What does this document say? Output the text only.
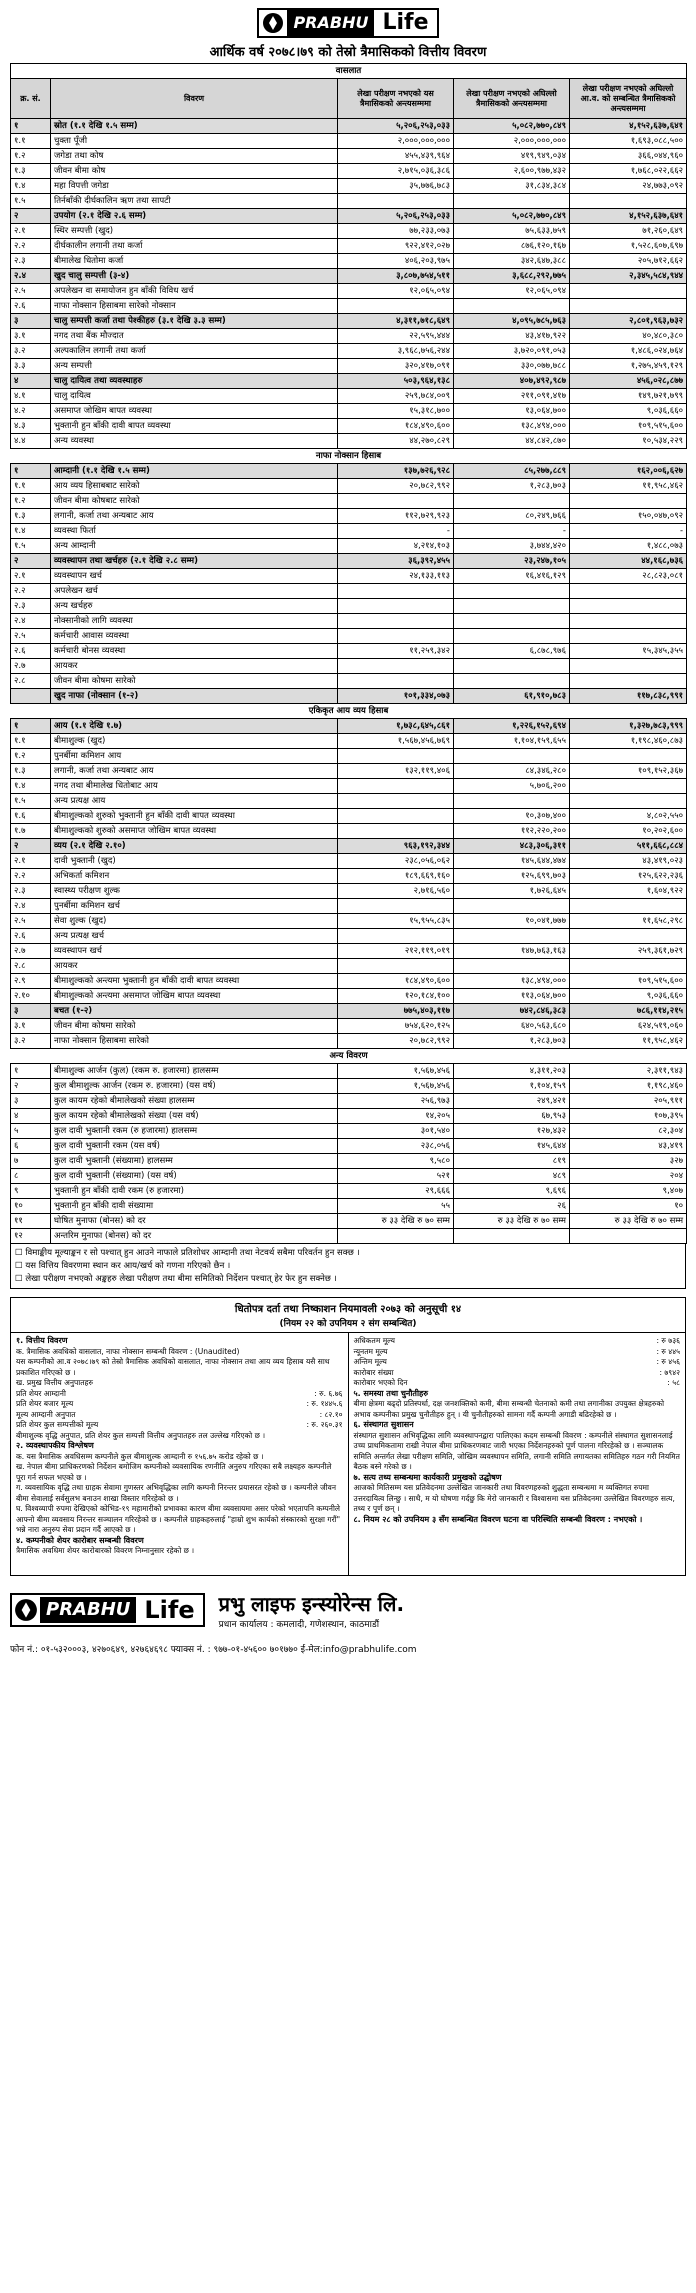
PRABHU Life
आर्थिक वर्ष २०७८।७९ को तेस्रो त्रैमासिकको वित्तीय विवरण
वासलात				
क्र. सं.	विवरण	लेखा परीक्षण नभएको यस त्रैमासिकको अन्त्यसम्ममा	लेखा परीक्षण नभएको अघिल्लो त्रैमासिकको अन्त्यसम्ममा	लेखा परीक्षण नभएको अघिल्लो आ.व. को सम्बन्धित त्रैमासिकको अन्त्यसम्ममा
१	स्रोत (१.१ देखि १.५ सम्म)	५,२०६,२५३,०३३	५,०८२,७७०,८४९	४,१५२,६३७,६४१
१.१	चुक्ता पूँजी	२,०००,०००,०००	२,०००,०००,०००	१,६९३,०८८,५००
१.२	जगेडा तथा कोष	४५५,४३९,९६४	४१९,९४९,०३४	३६६,०४४,९६०
१.३	जीवन बीमा कोष	२,७१५,०३६,३८६	२,६००,९७७,४३२	१,७६८,०२२,६६२
१.४	महा विपत्ती जगेडा	३५,७७६,७८३	३१,८३४,३८४	२४,७७३,०९२
१.५	तिर्नबाँकी दीर्घकालिन ऋण तथा सापटी			
२	उपयोग (२.१ देखि २.६ सम्म)	५,२०६,२५३,०३३	५,०८२,७७०,८४९	४,१५२,६३७,६४१
२.१	स्थिर सम्पत्ती (खुद)	७७,२३३,०७३	७५,६३३,७५९	७१,२६०,६४९
२.२	दीर्घकालीन लगानी तथा कर्जा	९२२,४१२,०२७	८७६,१२०,१६७	१,५२८,६०७,६९७
२.३	बीमालेख धितोमा कर्जा	४०६,२०३,९७५	३४२,६४७,३८८	२०५,७१२,६६२
२.४	खुद चालु सम्पत्ती (३-४)	३,८०७,७५४,५११	३,६८८,२९२,७७५	२,३४५,५८४,९४४
२.५	अपलेखन वा समायोजन हुन बाँकी विविध खर्च	१२,०६५,०९४	१२,०६५,०९४	
२.६	नाफा नोक्सान हिसाबमा सारेको नोक्सान			
३	चालु सम्पत्ती कर्जा तथा पेश्कीहरु (३.१ देखि ३.३ सम्म)	४,३११,७१८,६४९	४,०९५,७८५,७६३	२,८०१,९६३,७३२
३.१	नगद तथा बैंक मौज्दात	२२,५९५,४४४	४३,४१७,९२२	४०,४८०,३८०
३.२	अल्पकालिन लगानी तथा कर्जा	३,९६८,७५६,२४४	३,७२०,०९१,०५३	१,४८६,०२४,७६४
३.३	अन्य सम्पत्ती	३२०,४१७,०९१	३३०,०७७,७८८	१,२७५,४५९,१२९
४	चालु दायित्व तथा व्यवस्थाहरु	५०३,९६४,१३८	४०७,४९२,९८७	४५६,०२८,८७७
४.१	चालु दायित्व	२५९,७८४,००९	२११,०९१,४१७	१४९,७२१,७९९
४.२	असमाप्त जोखिम बापत व्यवस्था	१५,३१८,७००	१३,०६४,७००	९,०३६,६६०
४.३	भुक्तानी हुन बाँकी दावी बापत व्यवस्था	१८४,४९०,६००	१३८,४९४,०००	१०९,५१५,६००
४.४	अन्य व्यवस्था	४४,२७०,८२९	४४,८४२,८७०	१०,५३४,२२९
नाफा नोक्सान हिसाब				
१	आम्दानी (१.१ देखि १.५ सम्म)	१३७,७२६,९२८	८५,२७७,८८९	१६२,००६,६२७
१.१	आय व्यय हिसाबबाट सारेको	२०,७८२,९९२	१,२८३,७०३	११,९५८,४६२
१.२	जीवन बीमा कोषबाट सारेको			
१.३	लगानी, कर्जा तथा अन्यबाट आय	११२,७२९,९२३	८०,२४९,७६६	१५०,०४७,०९२
१.४	व्यवस्था फिर्ता	-	-	-
१.५	अन्य आम्दानी	४,२१४,१०३	३,७४४,४२०	१,४८८,०७३
२	व्यवस्थापन तथा खर्चहरु (२.१ देखि २.८ सम्म)	३६,३९२,४५५	२३,२४७,१०५	४४,१६८,७३६
२.१	व्यवस्थापन खर्च	२४,१३३,११३	१६,४१६,१२९	२८,८२३,०८१
२.२	अपलेखन खर्च			
२.३	अन्य खर्चहरु			
२.४	नोक्सानीको लागि व्यवस्था			
२.५	कर्मचारी आवास व्यवस्था			
२.६	कर्मचारी बोनस व्यवस्था	११,२५९,३४२	६,८७८,९७६	१५,३४५,३५५
२.७	आयकर			
२.८	जीवन बीमा कोषमा सारेको			
	खुद नाफा (नोक्सान (१-२)	१०१,३३४,०७३	६१,९१०,७८३	११७,८३८,९९१
एकिकृत आय व्यय हिसाब				
१	आय (१.१ देखि १.७)	१,७३८,६४५,८६१	१,२२६,१५२,६९४	१,३२७,७८३,९९९
१.१	बीमाशुल्क (खुद)	१,५६७,४५६,७६९	१,१०४,१५९,६५५	१,१९८,४६०,८७३
१.२	पुनर्बीमा कमिशन आय			
१.३	लगानी, कर्जा तथा अन्यबाट आय	१३२,११९,४०६	८४,३४६,२८०	१०९,१५२,३६७
१.४	नगद तथा बीमालेख धितोबाट आय		५,७०६,२००	
१.५	अन्य प्रत्यक्ष आय			
१.६	बीमाशुल्कको शुरुको भुक्तानी हुन बाँकी दावी बापत व्यवस्था		१०,३०७,४००	४,८०२,५५०
१.७	बीमाशुल्कको शुरुको असमाप्त जोखिम बापत व्यवस्था		११२,२२०,२००	१०,२०२,६००
२	व्यय (२.१ देखि २.१०)	९६३,१९२,३४४	४८३,३०६,३११	५११,६६८,८८४
२.१	दावी भुक्तानी (खुद)	२३८,०५६,०६२	१४५,६४४,४७४	४३,४१९,०२३
२.२	अभिकर्ता कमिशन	१८९,६६९,१६०	१२५,६९९,७०३	१२५,६२२,२३६
२.३	स्वास्थ्य परीक्षण शुल्क	२,७१६,५६०	१,७२६,६४५	१,६०४,९२२
२.४	पुनर्बीमा कमिशन खर्च			
२.५	सेवा शुल्क (खुद)	१५,९५५,८३५	१०,०४१,७७७	११,६५८,२९८
२.६	अन्य प्रत्यक्ष खर्च			
२.७	व्यवस्थापन खर्च	२१२,११९,०१९	१४७,७६३,१६३	२५९,३६१,७२९
२.८	आयकर			
२.९	बीमाशुल्कको अन्त्यमा भुक्तानी हुन बाँकी दावी बापत व्यवस्था	१८४,४९०,६००	१३८,४९४,०००	१०९,५१५,६००
२.१०	बीमाशुल्कको अन्त्यमा असमाप्त जोखिम बापत व्यवस्था	१२०,१८४,१००	११३,०६४,७००	९,०३६,६६०
३	बचत (१-२)	७७५,४०३,११७	७४२,८४६,३८३	७८६,११४,२१५
३.१	जीवन बीमा कोषमा सारेको	७५४,६२०,१२५	६४०,५६३,६८०	६२४,५१९,०६०
३.२	नाफा नोक्सान हिसाबमा सारेको	२०,७८२,९९२	१,२८३,७०३	११,९५८,४६२
अन्य विवरण				
१	बीमाशुल्क आर्जन (कुल) (रकम रु. हजारमा) हालसम्म	१,५६७,४५६	४,३११,२०३	२,३११,९४३
२	कुल बीमाशुल्क आर्जन (रकम रु. हजारमा) (यस वर्ष)	१,५६७,४५६	१,१०४,१५९	१,१९८,४६०
३	कुल कायम रहेको बीमालेखको संख्या हालसम्म	२५६,९७३	२४९,४२१	२०५,९११
४	कुल कायम रहेको बीमालेखको संख्या (यस वर्ष)	१४,२०५	६७,९५३	१०७,३९५
५	कुल दावी भुक्तानी रकम (रु हजारमा) हालसम्म	३०१,५४०	१२७,४३२	८२,३०४
६	कुल दावी भुक्तानी रकम (यस वर्ष)	२३८,०५६	१४५,६४४	४३,४१९
७	कुल दावी भुक्तानी (संख्यामा) हालसम्म	९,५८०	८१९	३२७
८	कुल दावी भुक्तानी (संख्यामा) (यस वर्ष)	५२१	४८९	२०४
९	भुक्तानी हुन बाँकी दावी रकम (रु हजारमा)	२९,६६६	९,६९६	९,४०७
१०	भुक्तानी हुन बाँकी दावी संख्यामा	५५	२६	१०
११	घोषित मुनाफा (बोनस) को दर	रु ३३ देखि रु ७० सम्म	रु ३३ देखि रु ७० सम्म	रु ३३ देखि रु ७० सम्म
१२	अन्तरिम मुनाफा (बोनस) को दर			
☐ विमाङ्कीय मूल्याङ्कन र सो पश्चात् हुन आउने नाफाले प्रतिशोधर आम्दानी तथा नेटवर्थ सबैमा परिवर्तन हुन सक्छ ।
☐ यस वित्तिय विवरणमा स्थान कर आय/खर्च को गणना गरिएको छैन ।
☐ लेखा परीक्षण नभएको अङ्कहरु लेखा परीक्षण तथा बीमा समितिको निर्देशन पश्चात् हेर फेर हुन सक्नेछ ।
धितोपत्र दर्ता तथा निष्काशन नियमावली २०७३ को अनुसूची १४
(नियम २२ को उपनियम २ संग सम्बन्धित)
१. वित्तीय विवरण
क. त्रैमासिक अवधिको वासलात, नाफा नोक्सान सम्बन्धी विवरण : (Unaudited)
यस कम्पनीको आ.व २०७८।७९ को तेस्रो त्रैमासिक अवधिको वासलात, नाफा नोक्सान तथा आय व्यय हिसाब यसै साथ प्रकाशित गरिएको छ ।
ख. प्रमुख वित्तीय अनुपातहरु
प्रति शेयर आम्दानी	: रु. ६.७६
प्रति शेयर बजार मूल्य	: रु. १४४५.६
मूल्य आम्दानी अनुपात	: ८२.१०
प्रति शेयर कुल सम्पत्तीको मूल्य	: रु. २६०.३१
बीमाशुल्क वृद्धि अनुपात, प्रति शेयर कुल सम्पत्ती वित्तीय अनुपातहरु तल उल्लेख गरिएको छ ।
२. व्यवस्थापकीय विश्लेषण
क. यस त्रैमासिक अवधिसम्म कम्पनीले कुल बीमाशुल्क आम्दानी रु १५६.७५ करोड रहेको छ ।
ख. नेपाल बीमा प्राधिकरणको निर्देशन बमोजिम कम्पनीको व्यवसायिक रणनीति अनुरुप गरिएका सबै लक्ष्यहरु कम्पनीले पूरा गर्न सफल भएको छ ।
ग. व्यवसायिक वृद्धि तथा ग्राहक सेवामा गुणस्तर अभिवृद्धिका लागि कम्पनी निरन्तर प्रयासरत रहेको छ । कम्पनीले जीवन बीमा सेवालाई सर्वसुलभ बनाउन शाखा विस्तार गरिरहेको छ ।
घ. विश्वव्यापी रुपमा देखिएको कोभिड-१९ महामारीको प्रभावका कारण बीमा व्यवसायमा असर परेको भएतापनि कम्पनीले आफ्नो बीमा व्यवसाय निरन्तर सञ्चालन गरिरहेको छ । कम्पनीले ग्राहकहरुलाई "हाम्रो शुभ कार्यको संस्कारको सुरक्षा गरौं" भन्ने नारा अनुरुप सेवा प्रदान गर्दै आएको छ ।
४. कम्पनीको शेयर कारोबार सम्बन्धी विवरण
त्रैमासिक अवधिमा शेयर कारोबारको विवरण निम्नानुसार रहेको छ ।
अधिकतम मूल्य	: रु ७३६
न्यूनतम मूल्य	: रु ४४५
अन्तिम मूल्य	: रु ४५६
कारोबार संख्या	: ७९४२
कारोबार भएको दिन	: ५८
५. समस्या तथा चुनौतीहरु
बीमा क्षेत्रमा बढ्दो प्रतिस्पर्धा, दक्ष जनशक्तिको कमी, बीमा सम्बन्धी चेतनाको कमी तथा लगानीका उपयुक्त क्षेत्रहरुको अभाव कम्पनीका प्रमुख चुनौतीहरु हुन् । यी चुनौतीहरुको सामना गर्दै कम्पनी अगाडी बढिरहेको छ ।
६. संस्थागत सुशासन
संस्थागत सुशासन अभिवृद्धिका लागि व्यवस्थापनद्वारा पालिएका कदम सम्बन्धी विवरण : कम्पनीले संस्थागत सुशासनलाई उच्च प्राथमिकतामा राखी नेपाल बीमा प्राधिकरणबाट जारी भएका निर्देशनहरुको पूर्ण पालना गरिरहेको छ । सञ्चालक समिति अन्तर्गत लेखा परीक्षण समिति, जोखिम व्यवस्थापन समिति, लगानी समिति लगायतका समितिहरु गठन गरी नियमित बैठक बस्ने गरेको छ ।
७. सत्य तथ्य सम्बन्धमा कार्यकारी प्रमुखको उद्घोषण
आजको मितिसम्म यस प्रतिवेदनमा उल्लेखित जानकारी तथा विवरणहरुको शुद्धता सम्बन्धमा म व्यक्तिगत रुपमा उत्तरदायित्व लिन्छु । साथै, म यो घोषणा गर्दछु कि मेरो जानकारी र विश्वासमा यस प्रतिवेदनमा उल्लेखित विवरणहरु सत्य, तथ्य र पूर्ण छन् ।
८. नियम २८ को उपनियम ३ सँग सम्बन्धित विवरण घटना वा परिस्थिति सम्बन्धी विवरण : नभएको ।
PRABHU Life	प्रभु लाइफ इन्स्योरेन्स लि.
प्रधान कार्यालय : कमलादी, गणेशस्थान, काठमाडौं
फोन नं.: ०१-५३२०००३, ४२७०६४९, ४२७६४६९८ फ्याक्स नं. : ९७७-०१-४५६०० ७०१७७० ई-मेल:info@prabhulife.com
